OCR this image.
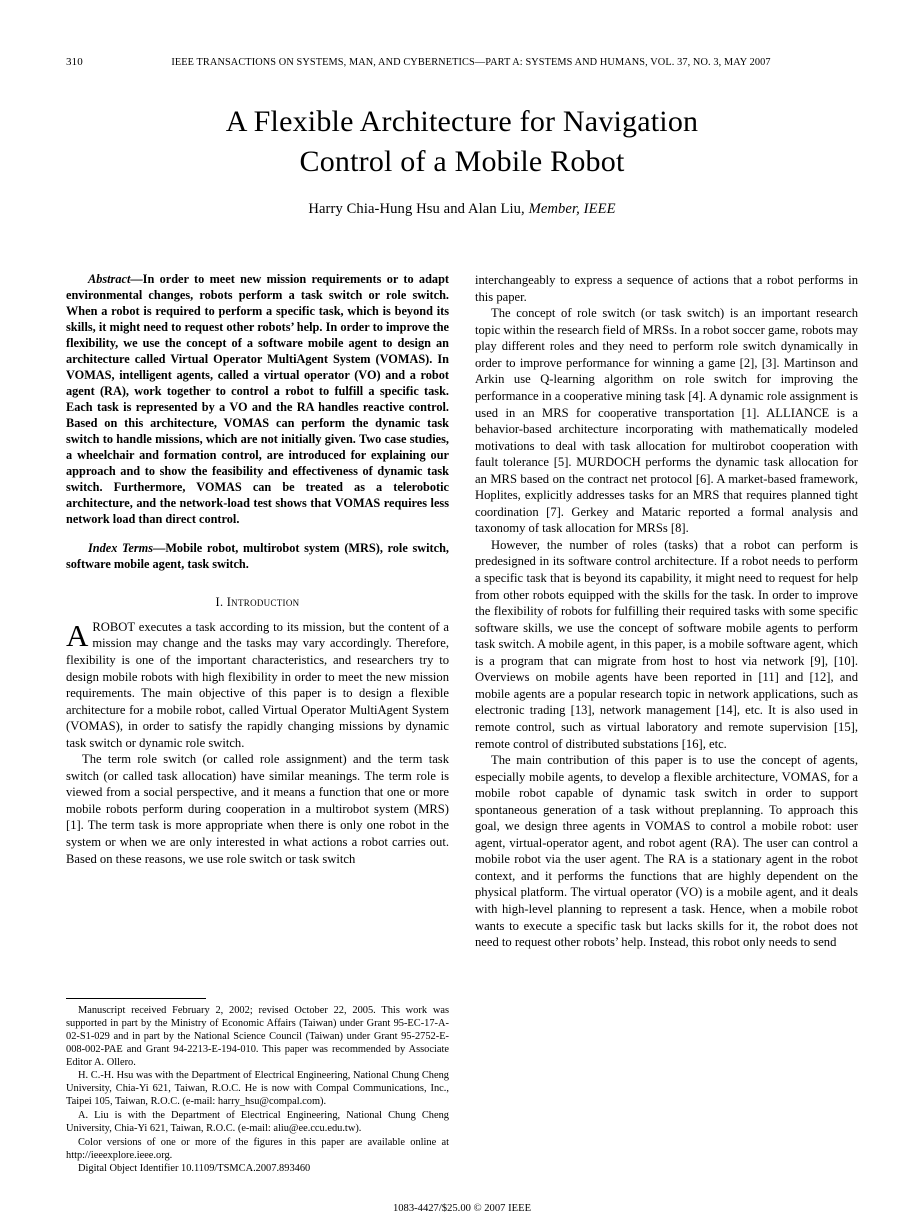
310	IEEE TRANSACTIONS ON SYSTEMS, MAN, AND CYBERNETICS—PART A: SYSTEMS AND HUMANS, VOL. 37, NO. 3, MAY 2007
A Flexible Architecture for Navigation
Control of a Mobile Robot
Harry Chia-Hung Hsu and Alan Liu, Member, IEEE

Abstract—In order to meet new mission requirements or to adapt environmental changes, robots perform a task switch or role switch. When a robot is required to perform a specific task, which is beyond its skills, it might need to request other robots’ help. In order to improve the flexibility, we use the concept of a software mobile agent to design an architecture called Virtual Operator MultiAgent System (VOMAS). In VOMAS, intelligent agents, called a virtual operator (VO) and a robot agent (RA), work together to control a robot to fulfill a specific task. Each task is represented by a VO and the RA handles reactive control. Based on this architecture, VOMAS can perform the dynamic task switch to handle missions, which are not initially given. Two case studies, a wheelchair and formation control, are introduced for explaining our approach and to show the feasibility and effectiveness of dynamic task switch. Furthermore, VOMAS can be treated as a telerobotic architecture, and the network-load test shows that VOMAS requires less network load than direct control.

Index Terms—Mobile robot, multirobot system (MRS), role switch, software mobile agent, task switch.

I. Introduction

A ROBOT executes a task according to its mission, but the content of a mission may change and the tasks may vary accordingly. Therefore, flexibility is one of the important characteristics, and researchers try to design mobile robots with high flexibility in order to meet the new mission requirements. The main objective of this paper is to design a flexible architecture for a mobile robot, called Virtual Operator MultiAgent System (VOMAS), in order to satisfy the rapidly changing missions by dynamic task switch or dynamic role switch.

The term role switch (or called role assignment) and the term task switch (or called task allocation) have similar meanings. The term role is viewed from a social perspective, and it means a function that one or more mobile robots perform during cooperation in a multirobot system (MRS) [1]. The term task is more appropriate when there is only one robot in the system or when we are only interested in what actions a robot carries out. Based on these reasons, we use role switch or task switch

Manuscript received February 2, 2002; revised October 22, 2005. This work was supported in part by the Ministry of Economic Affairs (Taiwan) under Grant 95-EC-17-A-02-S1-029 and in part by the National Science Council (Taiwan) under Grant 95-2752-E-008-002-PAE and Grant 94-2213-E-194-010. This paper was recommended by Associate Editor A. Ollero.

H. C.-H. Hsu was with the Department of Electrical Engineering, National Chung Cheng University, Chia-Yi 621, Taiwan, R.O.C. He is now with Compal Communications, Inc., Taipei 105, Taiwan, R.O.C. (e-mail: harry_hsu@compal.com).

A. Liu is with the Department of Electrical Engineering, National Chung Cheng University, Chia-Yi 621, Taiwan, R.O.C. (e-mail: aliu@ee.ccu.edu.tw).

Color versions of one or more of the figures in this paper are available online at http://ieeexplore.ieee.org.

Digital Object Identifier 10.1109/TSMCA.2007.893460

interchangeably to express a sequence of actions that a robot performs in this paper.

The concept of role switch (or task switch) is an important research topic within the research field of MRSs. In a robot soccer game, robots may play different roles and they need to perform role switch dynamically in order to improve performance for winning a game [2], [3]. Martinson and Arkin use Q-learning algorithm on role switch for improving the performance in a cooperative mining task [4]. A dynamic role assignment is used in an MRS for cooperative transportation [1]. ALLIANCE is a behavior-based architecture incorporating with mathematically modeled motivations to deal with task allocation for multirobot cooperation with fault tolerance [5]. MURDOCH performs the dynamic task allocation for an MRS based on the contract net protocol [6]. A market-based framework, Hoplites, explicitly addresses tasks for an MRS that requires planned tight coordination [7]. Gerkey and Mataric reported a formal analysis and taxonomy of task allocation for MRSs [8].

However, the number of roles (tasks) that a robot can perform is predesigned in its software control architecture. If a robot needs to perform a specific task that is beyond its capability, it might need to request for help from other robots equipped with the skills for the task. In order to improve the flexibility of robots for fulfilling their required tasks with some specific software skills, we use the concept of software mobile agents to perform task switch. A mobile agent, in this paper, is a mobile software agent, which is a program that can migrate from host to host via network [9], [10]. Overviews on mobile agents have been reported in [11] and [12], and mobile agents are a popular research topic in network applications, such as electronic trading [13], network management [14], etc. It is also used in remote control, such as virtual laboratory and remote supervision [15], remote control of distributed substations [16], etc.

The main contribution of this paper is to use the concept of agents, especially mobile agents, to develop a flexible architecture, VOMAS, for a mobile robot capable of dynamic task switch in order to support spontaneous generation of a task without preplanning. To approach this goal, we design three agents in VOMAS to control a mobile robot: user agent, virtual-operator agent, and robot agent (RA). The user can control a mobile robot via the user agent. The RA is a stationary agent in the robot context, and it performs the functions that are highly dependent on the physical platform. The virtual operator (VO) is a mobile agent, and it deals with high-level planning to represent a task. Hence, when a mobile robot wants to execute a specific task but lacks skills for it, the robot does not need to request other robots’ help. Instead, this robot only needs to send

1083-4427/$25.00 © 2007 IEEE
